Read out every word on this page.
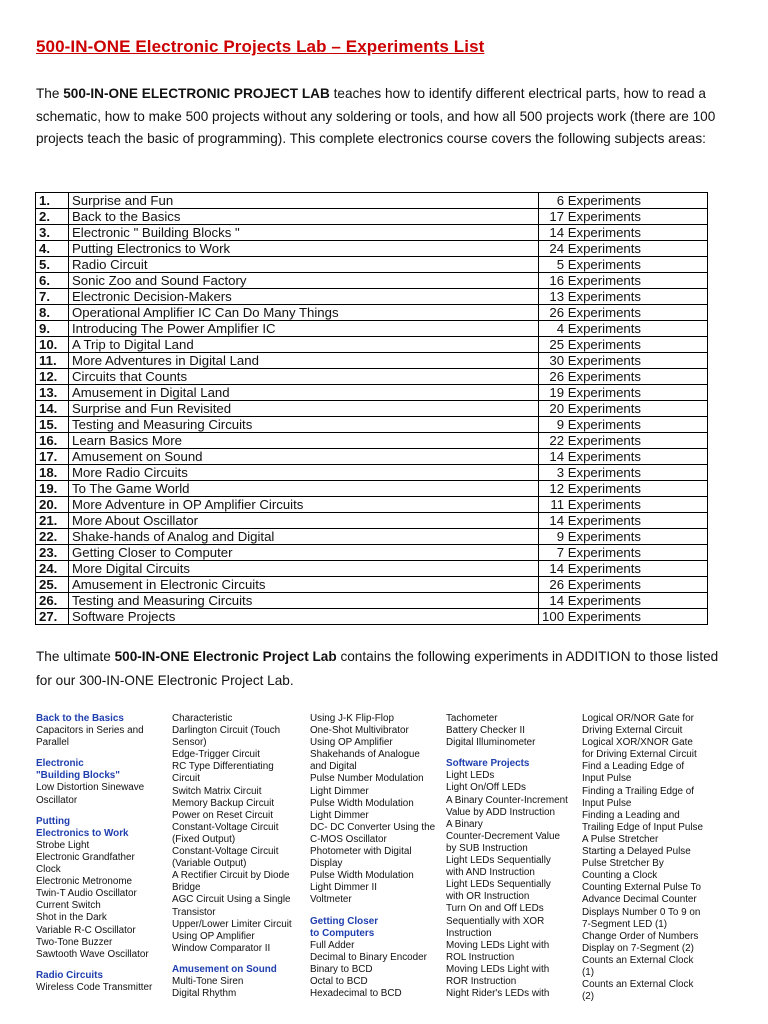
500-IN-ONE Electronic Projects Lab – Experiments List
The 500-IN-ONE ELECTRONIC PROJECT LAB teaches how to identify different electrical parts, how to read a schematic, how to make 500 projects without any soldering or tools, and how all 500 projects work (there are 100 projects teach the basic of programming). This complete electronics course covers the following subjects areas:
1.	Surprise and Fun	6 Experiments
2.	Back to the Basics	17 Experiments
3.	Electronic " Building Blocks "	14 Experiments
4.	Putting Electronics to Work	24 Experiments
5.	Radio Circuit	5 Experiments
6.	Sonic Zoo and Sound Factory	16 Experiments
7.	Electronic Decision-Makers	13 Experiments
8.	Operational Amplifier IC Can Do Many Things	26 Experiments
9.	Introducing The Power Amplifier IC	4 Experiments
10.	A Trip to Digital Land	25 Experiments
11.	More Adventures in Digital Land	30 Experiments
12.	Circuits that Counts	26 Experiments
13.	Amusement in Digital Land	19 Experiments
14.	Surprise and Fun Revisited	20 Experiments
15.	Testing and Measuring Circuits	9 Experiments
16.	Learn Basics More	22 Experiments
17.	Amusement on Sound	14 Experiments
18.	More Radio Circuits	3 Experiments
19.	To The Game World	12 Experiments
20.	More Adventure in OP Amplifier Circuits	11 Experiments
21.	More About Oscillator	14 Experiments
22.	Shake-hands of Analog and Digital	9 Experiments
23.	Getting Closer to Computer	7 Experiments
24.	More Digital Circuits	14 Experiments
25.	Amusement in Electronic Circuits	26 Experiments
26.	Testing and Measuring Circuits	14 Experiments
27.	Software Projects	100 Experiments
The ultimate 500-IN-ONE Electronic Project Lab contains the following experiments in ADDITION to those listed for our 300-IN-ONE Electronic Project Lab.
Back to the Basics
Capacitors in Series and
Parallel
Electronic
"Building Blocks"
Low Distortion Sinewave
Oscillator
Putting
Electronics to Work
Strobe Light
Electronic Grandfather
Clock
Electronic Metronome
Twin-T Audio Oscillator
Current Switch
Shot in the Dark
Variable R-C Oscillator
Two-Tone Buzzer
Sawtooth Wave Oscillator
Radio Circuits
Wireless Code Transmitter
Characteristic
Darlington Circuit (Touch
Sensor)
Edge-Trigger Circuit
RC Type Differentiating
Circuit
Switch Matrix Circuit
Memory Backup Circuit
Power on Reset Circuit
Constant-Voltage Circuit
(Fixed Output)
Constant-Voltage Circuit
(Variable Output)
A Rectifier Circuit by Diode
Bridge
AGC Circuit Using a Single
Transistor
Upper/Lower Limiter Circuit
Using OP Amplifier
Window Comparator II
Amusement on Sound
Multi-Tone Siren
Digital Rhythm
Using J-K Flip-Flop
One-Shot Multivibrator
Using OP Amplifier
Shakehands of Analogue
and Digital
Pulse Number Modulation
Light Dimmer
Pulse Width Modulation
Light Dimmer
DC- DC Converter Using the
C-MOS Oscillator
Photometer with Digital
Display
Pulse Width Modulation
Light Dimmer II
Voltmeter
Getting Closer
to Computers
Full Adder
Decimal to Binary Encoder
Binary to BCD
Octal to BCD
Hexadecimal to BCD
Tachometer
Battery Checker II
Digital Illuminometer
Software Projects
Light LEDs
Light On/Off LEDs
A Binary Counter-Increment
Value by ADD Instruction
A Binary
Counter-Decrement Value
by SUB Instruction
Light LEDs Sequentially
with AND Instruction
Light LEDs Sequentially
with OR Instruction
Turn On and Off LEDs
Sequentially with XOR
Instruction
Moving LEDs Light with
ROL Instruction
Moving LEDs Light with
ROR Instruction
Night Rider's LEDs with
Logical OR/NOR Gate for
Driving External Circuit
Logical XOR/XNOR Gate
for Driving External Circuit
Find a Leading Edge of
Input Pulse
Finding a Trailing Edge of
Input Pulse
Finding a Leading and
Trailing Edge of Input Pulse
A Pulse Stretcher
Starting a Delayed Pulse
Pulse Stretcher By
Counting a Clock
Counting External Pulse To
Advance Decimal Counter
Displays Number 0 To 9 on
7-Segment LED (1)
Change Order of Numbers
Display on 7-Segment (2)
Counts an External Clock
(1)
Counts an External Clock
(2)
